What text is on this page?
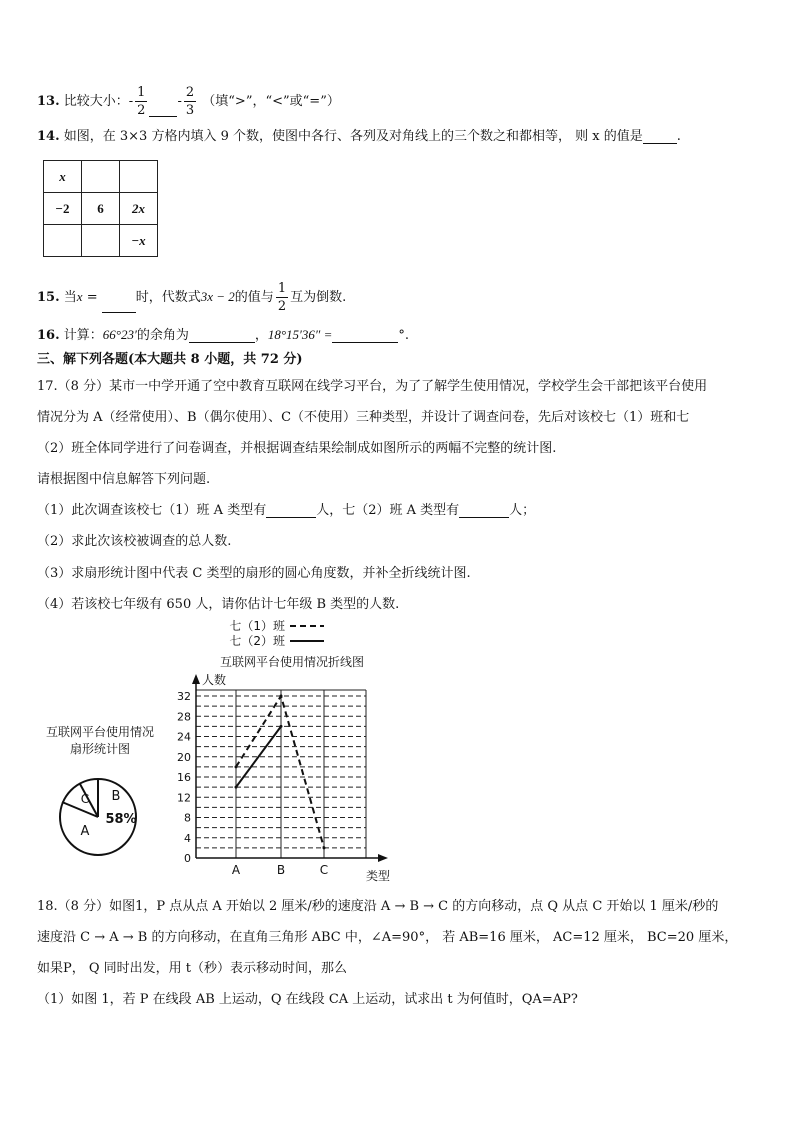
13. 比较大小：- $\frac{1}{2} - \frac{2}{3}$ （填“>”，“<”或“=”）
14. 如图，在 3×3 方格内填入 9 个数，使图中各行、各列及对角线上的三个数之和都相等， 则 x 的值是	.
x		
−2	6	2x
		−x
15. 当x =	时，代数式3x − 2的值与 $\frac{1}{2}$ 互为倒数.
16. 计算：66°23′的余角为	，18°15′36″ =	°.
三、解下列各题(本大题共 8 小题，共 72 分)
17.（8 分）某市一中学开通了空中教育互联网在线学习平台，为了了解学生使用情况，学校学生会干部把该平台使用
情况分为 A（经常使用）、B（偶尔使用）、C（不使用）三种类型，并设计了调查问卷，先后对该校七（1）班和七
（2）班全体同学进行了问卷调查，并根据调查结果绘制成如图所示的两幅不完整的统计图.
请根据图中信息解答下列问题.
（1）此次调查该校七（1）班 A 类型有	人，七（2）班 A 类型有	人；
（2）求此次该校被调查的总人数.
（3）求扇形统计图中代表 C 类型的扇形的圆心角度数，并补全折线统计图.
（4）若该校七年级有 650 人，请你估计七年级 B 类型的人数.
互联网平台使用情况
扇形统计图
B
58%
C
A
七（1）班
七（2）班
互联网平台使用情况折线图
人数
类型
0
4
8
12
16
20
24
28
32
A	B	C
18.（8 分）如图1，P 点从点 A 开始以 2 厘米/秒的速度沿 A → B → C 的方向移动，点 Q 从点 C 开始以 1 厘米/秒的
速度沿 C → A → B 的方向移动，在直角三角形 ABC 中，∠A=90°， 若 AB=16 厘米， AC=12 厘米， BC=20 厘米，
如果P， Q 同时出发，用 t（秒）表示移动时间，那么
（1）如图 1，若 P 在线段 AB 上运动，Q 在线段 CA 上运动，试求出 t 为何值时，QA=AP?
